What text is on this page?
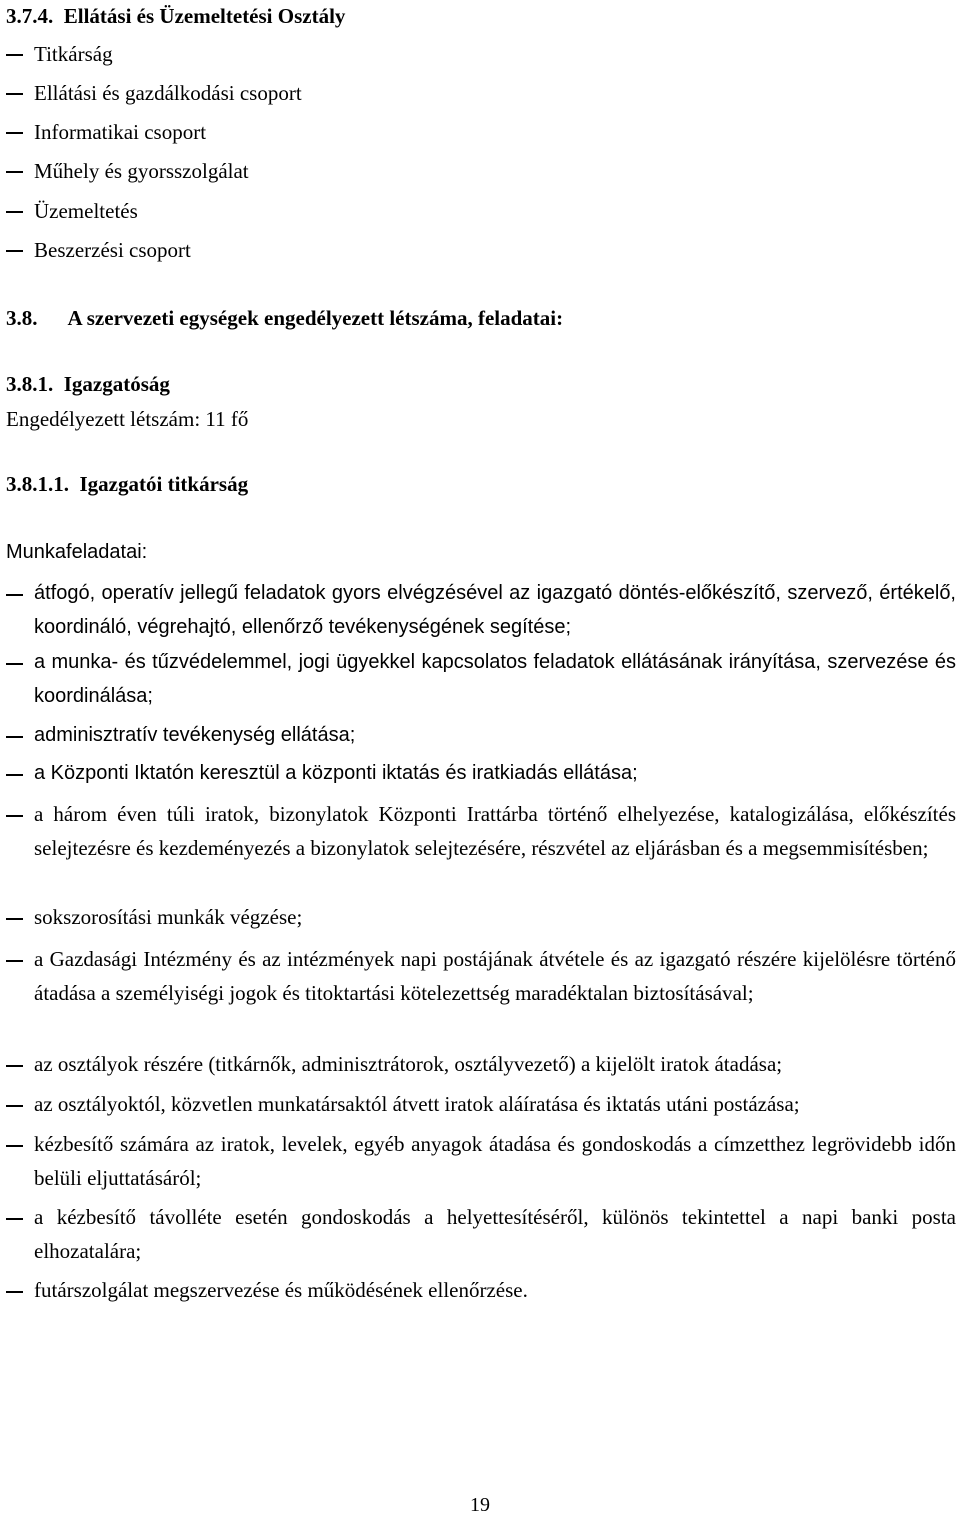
3.7.4. Ellátási és Üzemeltetési Osztály
Titkárság
Ellátási és gazdálkodási csoport
Informatikai csoport
Műhely és gyorsszolgálat
Üzemeltetés
Beszerzési csoport
3.8. A szervezeti egységek engedélyezett létszáma, feladatai:
3.8.1. Igazgatóság
Engedélyezett létszám: 11 fő
3.8.1.1. Igazgatói titkárság
Munkafeladatai:
átfogó, operatív jellegű feladatok gyors elvégzésével az igazgató döntés-előkészítő, szervező, értékelő, koordináló, végrehajtó, ellenőrző tevékenységének segítése;
a munka- és tűzvédelemmel, jogi ügyekkel kapcsolatos feladatok ellátásának irányítása, szervezése és koordinálása;
adminisztratív tevékenység ellátása;
a Központi Iktatón keresztül a központi iktatás és iratkiadás ellátása;
a három éven túli iratok, bizonylatok Központi Irattárba történő elhelyezése, katalogizálása, előkészítés selejtezésre és kezdeményezés a bizonylatok selejtezésére, részvétel az eljárásban és a megsemmisítésben;
sokszorosítási munkák végzése;
a Gazdasági Intézmény és az intézmények napi postájának átvétele és az igazgató részére kijelölésre történő átadása a személyiségi jogok és titoktartási kötelezettség maradéktalan biztosításával;
az osztályok részére (titkárnők, adminisztrátorok, osztályvezető) a kijelölt iratok átadása;
az osztályoktól, közvetlen munkatársaktól átvett iratok aláíratása és iktatás utáni postázása;
kézbesítő számára az iratok, levelek, egyéb anyagok átadása és gondoskodás a címzetthez legrövidebb időn belüli eljuttatásáról;
a kézbesítő távolléte esetén gondoskodás a helyettesítéséről, különös tekintettel a napi banki posta elhozatalára;
futárszolgálat megszervezése és működésének ellenőrzése.
19
